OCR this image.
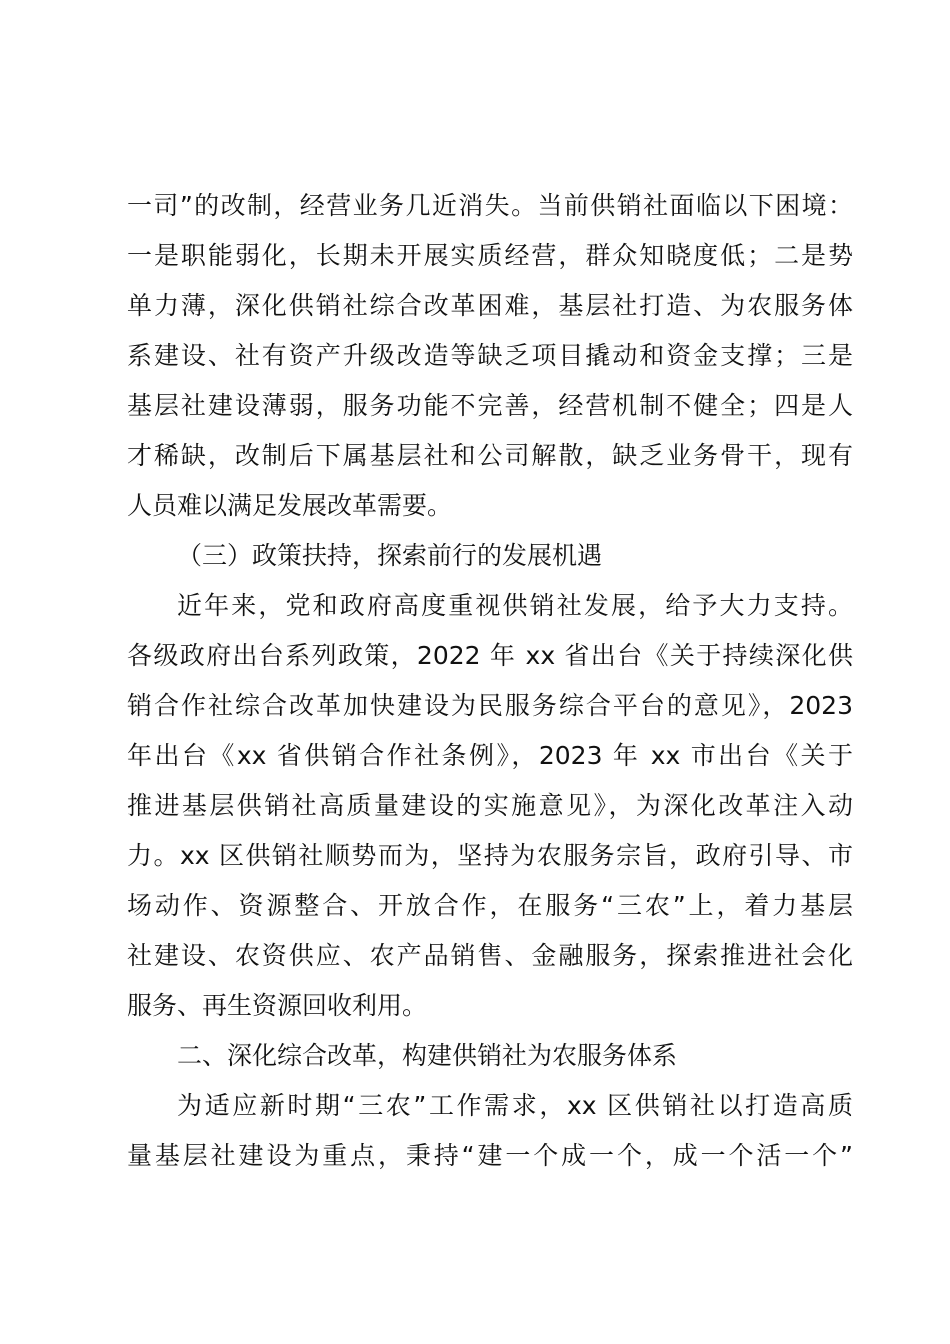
一司”的改制，经营业务几近消失。当前供销社面临以下困境：
一是职能弱化，长期未开展实质经营，群众知晓度低；二是势
单力薄，深化供销社综合改革困难，基层社打造、为农服务体
系建设、社有资产升级改造等缺乏项目撬动和资金支撑；三是
基层社建设薄弱，服务功能不完善，经营机制不健全；四是人
才稀缺，改制后下属基层社和公司解散，缺乏业务骨干，现有
人员难以满足发展改革需要。
（三）政策扶持，探索前行的发展机遇
近年来，党和政府高度重视供销社发展，给予大力支持。
各级政府出台系列政策，2022 年 xx 省出台《关于持续深化供
销合作社综合改革加快建设为民服务综合平台的意见》，2023
年出台《xx 省供销合作社条例》，2023 年 xx 市出台《关于
推进基层供销社高质量建设的实施意见》，为深化改革注入动
力。xx 区供销社顺势而为，坚持为农服务宗旨，政府引导、市
场动作、资源整合、开放合作，在服务“三农”上，着力基层
社建设、农资供应、农产品销售、金融服务，探索推进社会化
服务、再生资源回收利用。
二、深化综合改革，构建供销社为农服务体系
为适应新时期“三农”工作需求，xx 区供销社以打造高质
量基层社建设为重点，秉持“建一个成一个，成一个活一个”
